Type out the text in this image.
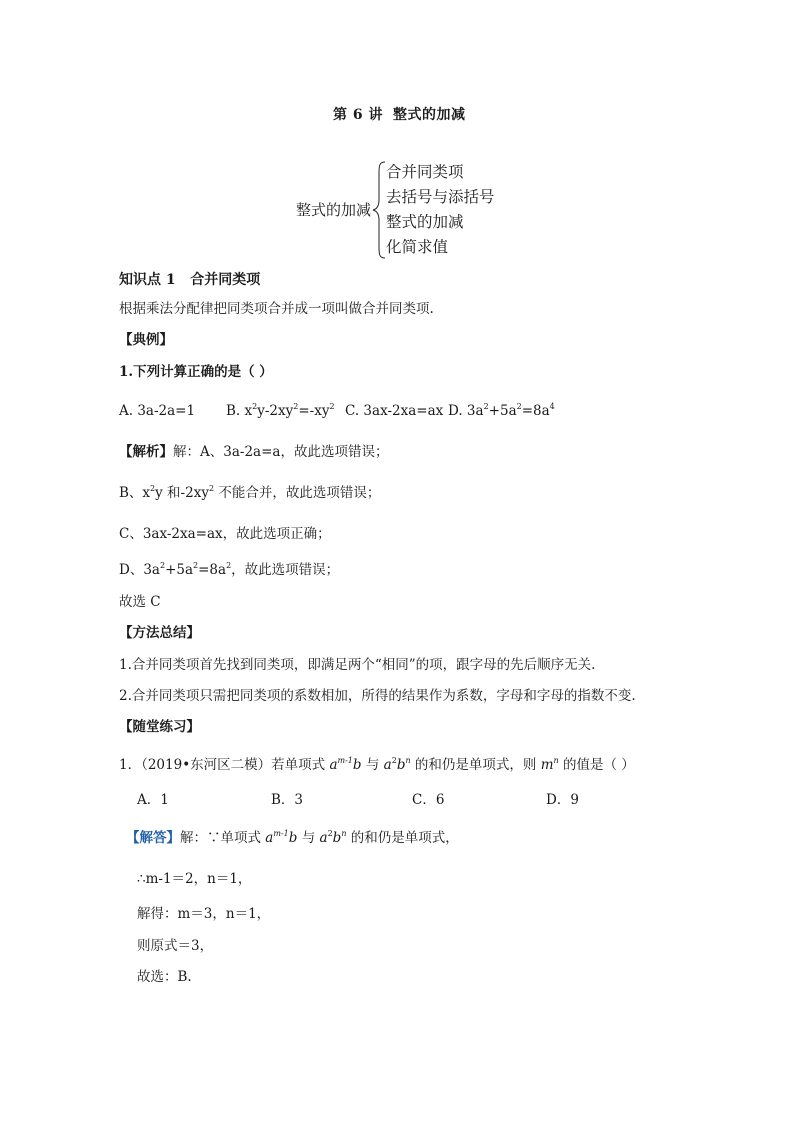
第 6 讲 整式的加减
整式的加减
合并同类项
去括号与添括号
整式的加减
化简求值
知识点 1 合并同类项
根据乘法分配律把同类项合并成一项叫做合并同类项.
【典例】
1.下列计算正确的是（ ）
A. 3a-2a=1 B. $x^2y-2xy^2=-xy^2$ C. 3ax-2xa=ax D. $3a^2+5a^2=8a^4$
【解析】解：A、3a-2a=a，故此选项错误；
B、$x^2y$ 和$-2xy^2$ 不能合并，故此选项错误；
C、3ax-2xa=ax，故此选项正确；
D、$3a^2+5a^2=8a^2$，故此选项错误；
故选 C
【方法总结】
1.合并同类项首先找到同类项，即满足两个“相同”的项，跟字母的先后顺序无关.
2.合并同类项只需把同类项的系数相加，所得的结果作为系数，字母和字母的指数不变.
【随堂练习】
1．（2019•东河区二模）若单项式 $a^{m-1}b$ 与 $a^2b^n$ 的和仍是单项式，则 $m^n$ 的值是（ ）
A．1	B．3	C．6	D．9
【解答】解：∵单项式 $a^{m-1}b$ 与 $a^2b^n$ 的和仍是单项式，
∴m-1＝2，n＝1，
解得：m＝3，n＝1，
则原式＝3，
故选：B.
